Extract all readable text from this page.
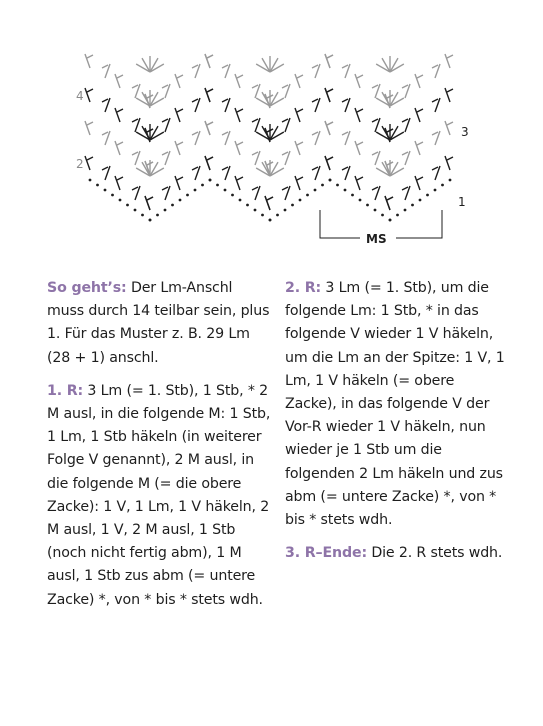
4
2
3
1
MS

So geht’s: Der Lm-Anschl muss durch 14 teilbar sein, plus 1. Für das Muster z. B. 29 Lm (28 + 1) anschl.

1. R: 3 Lm (= 1. Stb), 1 Stb, * 2 M ausl, in die folgende M: 1 Stb, 1 Lm, 1 Stb häkeln (in weiterer Folge V genannt), 2 M ausl, in die folgende M (= die obere Zacke): 1 V, 1 Lm, 1 V häkeln, 2 M ausl, 1 V, 2 M ausl, 1 Stb (noch nicht fertig abm), 1 M ausl, 1 Stb zus abm (= untere Zacke) *, von * bis * stets wdh.

2. R: 3 Lm (= 1. Stb), um die folgende Lm: 1 Stb, * in das folgende V wieder 1 V häkeln, um die Lm an der Spitze: 1 V, 1 Lm, 1 V häkeln (= obere Zacke), in das folgende V der Vor-R wieder 1 V häkeln, nun wieder je 1 Stb um die folgenden 2 Lm häkeln und zus abm (= untere Zacke) *, von * bis * stets wdh.

3. R–Ende: Die 2. R stets wdh.
